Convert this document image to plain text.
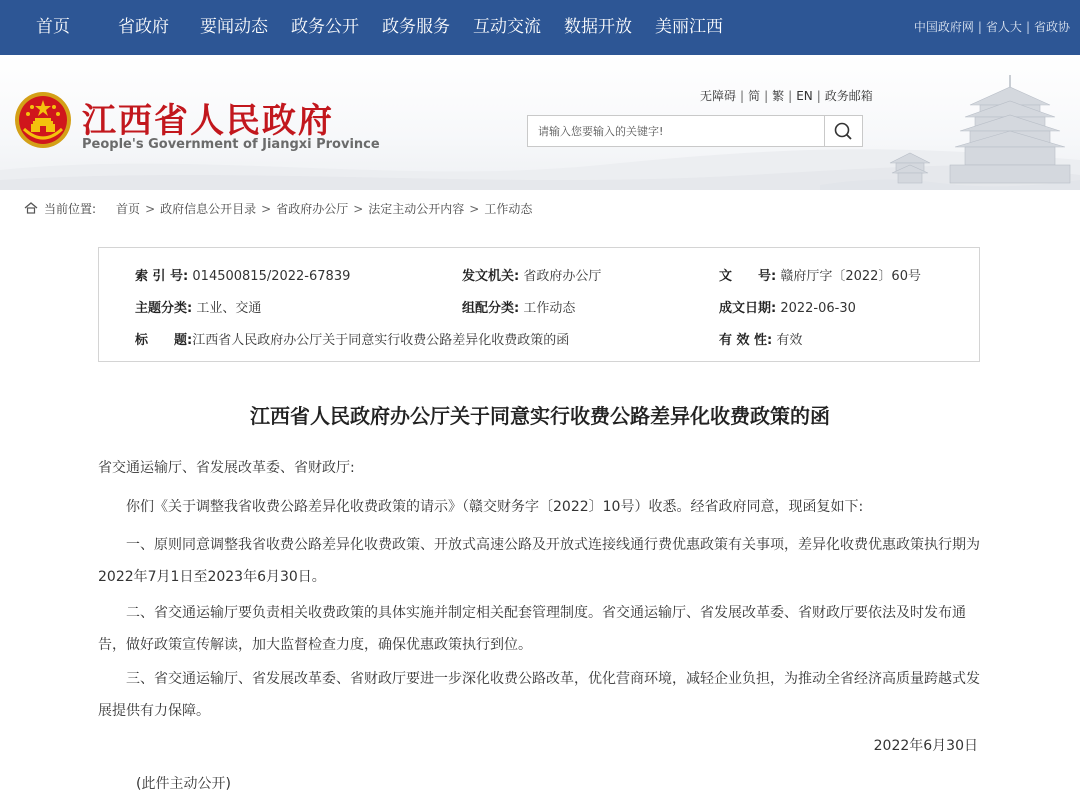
首页	省政府 要闻动态 政务公开 政务服务 互动交流 数据开放 美丽江西	中国政府网 | 省人大 | 省政协
江西省人民政府
People's Government of Jiangxi Province
无障碍 | 简 | 繁 | EN | 政务邮箱
请输入您要输入的关键字!
当前位置: 首页 > 政府信息公开目录 > 省政府办公厅 > 法定主动公开内容 > 工作动态
索 引 号: 014500815/2022-67839	发文机关: 省政府办公厅	文　　号: 赣府厅字〔2022〕60号
主题分类: 工业、交通	组配分类: 工作动态	成文日期: 2022-06-30
标　　题:江西省人民政府办公厅关于同意实行收费公路差异化收费政策的函	有 效 性: 有效
江西省人民政府办公厅关于同意实行收费公路差异化收费政策的函

省交通运输厅、省发展改革委、省财政厅:

你们《关于调整我省收费公路差异化收费政策的请示》（赣交财务字〔2022〕10号）收悉。经省政府同意，现函复如下:

一、原则同意调整我省收费公路差异化收费政策、开放式高速公路及开放式连接线通行费优惠政策有关事项，差异化收费优惠政策执行期为2022年7月1日至2023年6月30日。

二、省交通运输厅要负责相关收费政策的具体实施并制定相关配套管理制度。省交通运输厅、省发展改革委、省财政厅要依法及时发布通告，做好政策宣传解读，加大监督检查力度，确保优惠政策执行到位。

三、省交通运输厅、省发展改革委、省财政厅要进一步深化收费公路改革，优化营商环境，减轻企业负担，为推动全省经济高质量跨越式发展提供有力保障。

2022年6月30日
(此件主动公开)
